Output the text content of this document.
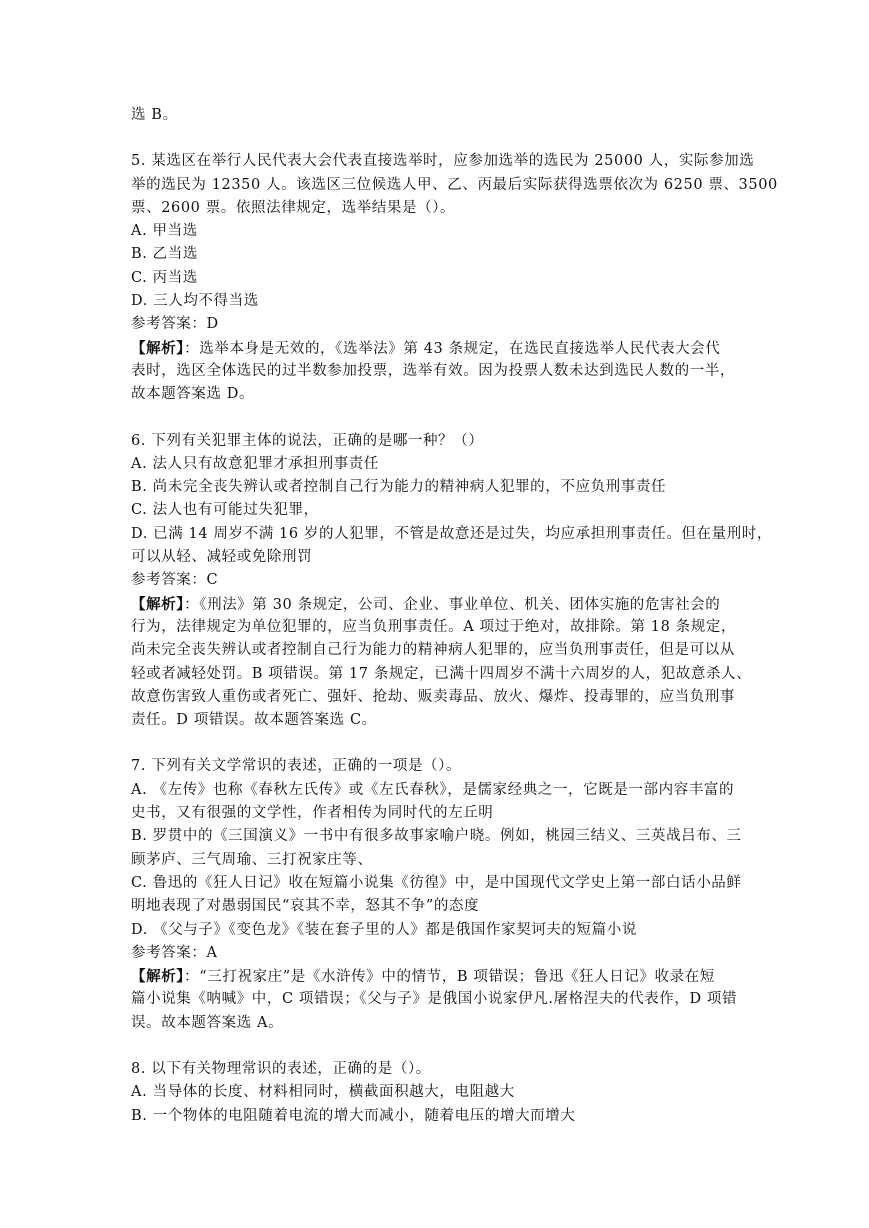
选 B。
5. 某选区在举行人民代表大会代表直接选举时，应参加选举的选民为 25000 人，实际参加选
举的选民为 12350 人。该选区三位候选人甲、乙、丙最后实际获得选票依次为 6250 票、3500
票、2600 票。依照法律规定，选举结果是（）。
A. 甲当选
B. 乙当选
C. 丙当选
D. 三人均不得当选
参考答案：D
【解析】：选举本身是无效的，《选举法》第 43 条规定，在选民直接选举人民代表大会代
表时，选区全体选民的过半数参加投票，选举有效。因为投票人数未达到选民人数的一半，
故本题答案选 D。
6. 下列有关犯罪主体的说法，正确的是哪一种？（）
A. 法人只有故意犯罪才承担刑事责任
B. 尚未完全丧失辨认或者控制自己行为能力的精神病人犯罪的，不应负刑事责任
C. 法人也有可能过失犯罪，
D. 已满 14 周岁不满 16 岁的人犯罪，不管是故意还是过失，均应承担刑事责任。但在量刑时，
可以从轻、减轻或免除刑罚
参考答案：C
【解析】：《刑法》第 30 条规定，公司、企业、事业单位、机关、团体实施的危害社会的
行为，法律规定为单位犯罪的，应当负刑事责任。A 项过于绝对，故排除。第 18 条规定，
尚未完全丧失辨认或者控制自己行为能力的精神病人犯罪的，应当负刑事责任，但是可以从
轻或者减轻处罚。B 项错误。第 17 条规定，已满十四周岁不满十六周岁的人，犯故意杀人、
故意伤害致人重伤或者死亡、强奸、抢劫、贩卖毒品、放火、爆炸、投毒罪的，应当负刑事
责任。D 项错误。故本题答案选 C。
7. 下列有关文学常识的表述，正确的一项是（）。
A. 《左传》也称《春秋左氏传》或《左氏春秋》，是儒家经典之一，它既是一部内容丰富的
史书，又有很强的文学性，作者相传为同时代的左丘明
B. 罗贯中的《三国演义》一书中有很多故事家喻户晓。例如，桃园三结义、三英战吕布、三
顾茅庐、三气周瑜、三打祝家庄等、
C. 鲁迅的《狂人日记》收在短篇小说集《彷徨》中，是中国现代文学史上第一部白话小品鲜
明地表现了对愚弱国民“哀其不幸，怒其不争”的态度
D. 《父与子》《变色龙》《装在套子里的人》都是俄国作家契诃夫的短篇小说
参考答案：A
【解析】：“三打祝家庄”是《水浒传》中的情节，B 项错误；鲁迅《狂人日记》收录在短
篇小说集《呐喊》中，C 项错误；《父与子》是俄国小说家伊凡.屠格涅夫的代表作，D 项错
误。故本题答案选 A。
8. 以下有关物理常识的表述，正确的是（）。
A. 当导体的长度、材料相同时，横截面积越大，电阻越大
B. 一个物体的电阻随着电流的增大而减小，随着电压的增大而增大
